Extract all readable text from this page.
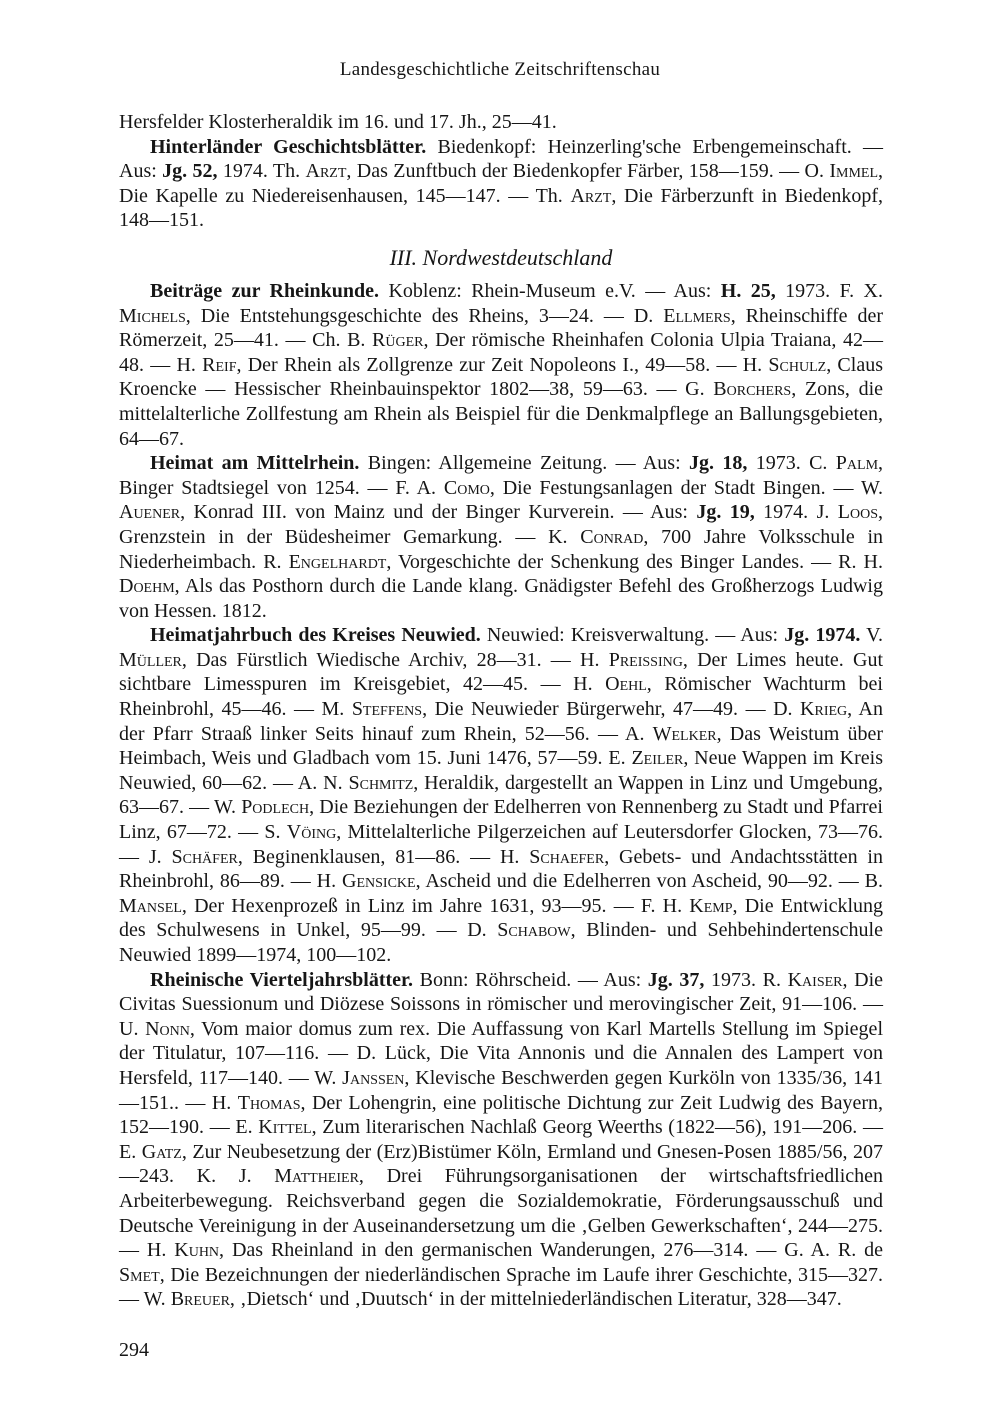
Landesgeschichtliche Zeitschriftenschau

Hersfelder Klosterheraldik im 16. und 17. Jh., 25—41.

Hinterländer Geschichtsblätter. Biedenkopf: Heinzerling'sche Erbengemeinschaft. — Aus: Jg. 52, 1974. Th. Arzt, Das Zunftbuch der Biedenkopfer Färber, 158—159. — O. Immel, Die Kapelle zu Niedereisenhausen, 145—147. — Th. Arzt, Die Färberzunft in Biedenkopf, 148—151.

III. Nordwestdeutschland

Beiträge zur Rheinkunde. Koblenz: Rhein-Museum e.V. — Aus: H. 25, 1973. F. X. Michels, Die Entstehungsgeschichte des Rheins, 3—24. — D. Ellmers, Rheinschiffe der Römerzeit, 25—41. — Ch. B. Rüger, Der römische Rheinhafen Colonia Ulpia Traiana, 42—48. — H. Reif, Der Rhein als Zollgrenze zur Zeit Nopoleons I., 49—58. — H. Schulz, Claus Kroencke — Hessischer Rheinbauinspektor 1802—38, 59—63. — G. Borchers, Zons, die mittelalterliche Zollfestung am Rhein als Beispiel für die Denkmalpflege an Ballungsgebieten, 64—67.

Heimat am Mittelrhein. Bingen: Allgemeine Zeitung. — Aus: Jg. 18, 1973. C. Palm, Binger Stadtsiegel von 1254. — F. A. Como, Die Festungsanlagen der Stadt Bingen. — W. Auener, Konrad III. von Mainz und der Binger Kurverein. — Aus: Jg. 19, 1974. J. Loos, Grenzstein in der Büdesheimer Gemarkung. — K. Conrad, 700 Jahre Volksschule in Niederheimbach. R. Engelhardt, Vorgeschichte der Schenkung des Binger Landes. — R. H. Doehm, Als das Posthorn durch die Lande klang. Gnädigster Befehl des Großherzogs Ludwig von Hessen. 1812.

Heimatjahrbuch des Kreises Neuwied. Neuwied: Kreisverwaltung. — Aus: Jg. 1974. V. Müller, Das Fürstlich Wiedische Archiv, 28—31. — H. Preissing, Der Limes heute. Gut sichtbare Limesspuren im Kreisgebiet, 42—45. — H. Oehl, Römischer Wachturm bei Rheinbrohl, 45—46. — M. Steffens, Die Neuwieder Bürgerwehr, 47—49. — D. Krieg, An der Pfarr Straaß linker Seits hinauf zum Rhein, 52—56. — A. Welker, Das Weistum über Heimbach, Weis und Gladbach vom 15. Juni 1476, 57—59. E. Zeiler, Neue Wappen im Kreis Neuwied, 60—62. — A. N. Schmitz, Heraldik, dargestellt an Wappen in Linz und Umgebung, 63—67. — W. Podlech, Die Beziehungen der Edelherren von Rennenberg zu Stadt und Pfarrei Linz, 67—72. — S. Vöing, Mittelalterliche Pilgerzeichen auf Leutersdorfer Glocken, 73—76. — J. Schäfer, Beginenklausen, 81—86. — H. Schaefer, Gebets- und Andachtsstätten in Rheinbrohl, 86—89. — H. Gensicke, Ascheid und die Edelherren von Ascheid, 90—92. — B. Mansel, Der Hexenprozeß in Linz im Jahre 1631, 93—95. — F. H. Kemp, Die Entwicklung des Schulwesens in Unkel, 95—99. — D. Schabow, Blinden- und Sehbehindertenschule Neuwied 1899—1974, 100—102.

Rheinische Vierteljahrsblätter. Bonn: Röhrscheid. — Aus: Jg. 37, 1973. R. Kaiser, Die Civitas Suessionum und Diözese Soissons in römischer und merovingischer Zeit, 91—106. — U. Nonn, Vom maior domus zum rex. Die Auffassung von Karl Martells Stellung im Spiegel der Titulatur, 107—116. — D. Lück, Die Vita Annonis und die Annalen des Lampert von Hersfeld, 117—140. — W. Janssen, Klevische Beschwerden gegen Kurköln von 1335/36, 141—151.. — H. Thomas, Der Lohengrin, eine politische Dichtung zur Zeit Ludwig des Bayern, 152—190. — E. Kittel, Zum literarischen Nachlaß Georg Weerths (1822—56), 191—206. — E. Gatz, Zur Neubesetzung der (Erz)Bistümer Köln, Ermland und Gnesen-Posen 1885/56, 207—243. K. J. Mattheier, Drei Führungsorganisationen der wirtschaftsfriedlichen Arbeiterbewegung. Reichsverband gegen die Sozialdemokratie, Förderungsausschuß und Deutsche Vereinigung in der Auseinandersetzung um die ‚Gelben Gewerkschaften‘, 244—275. — H. Kuhn, Das Rheinland in den germanischen Wanderungen, 276—314. — G. A. R. de Smet, Die Bezeichnungen der niederländischen Sprache im Laufe ihrer Geschichte, 315—327. — W. Breuer, ‚Dietsch‘ und ‚Duutsch‘ in der mittelniederländischen Literatur, 328—347.

294
